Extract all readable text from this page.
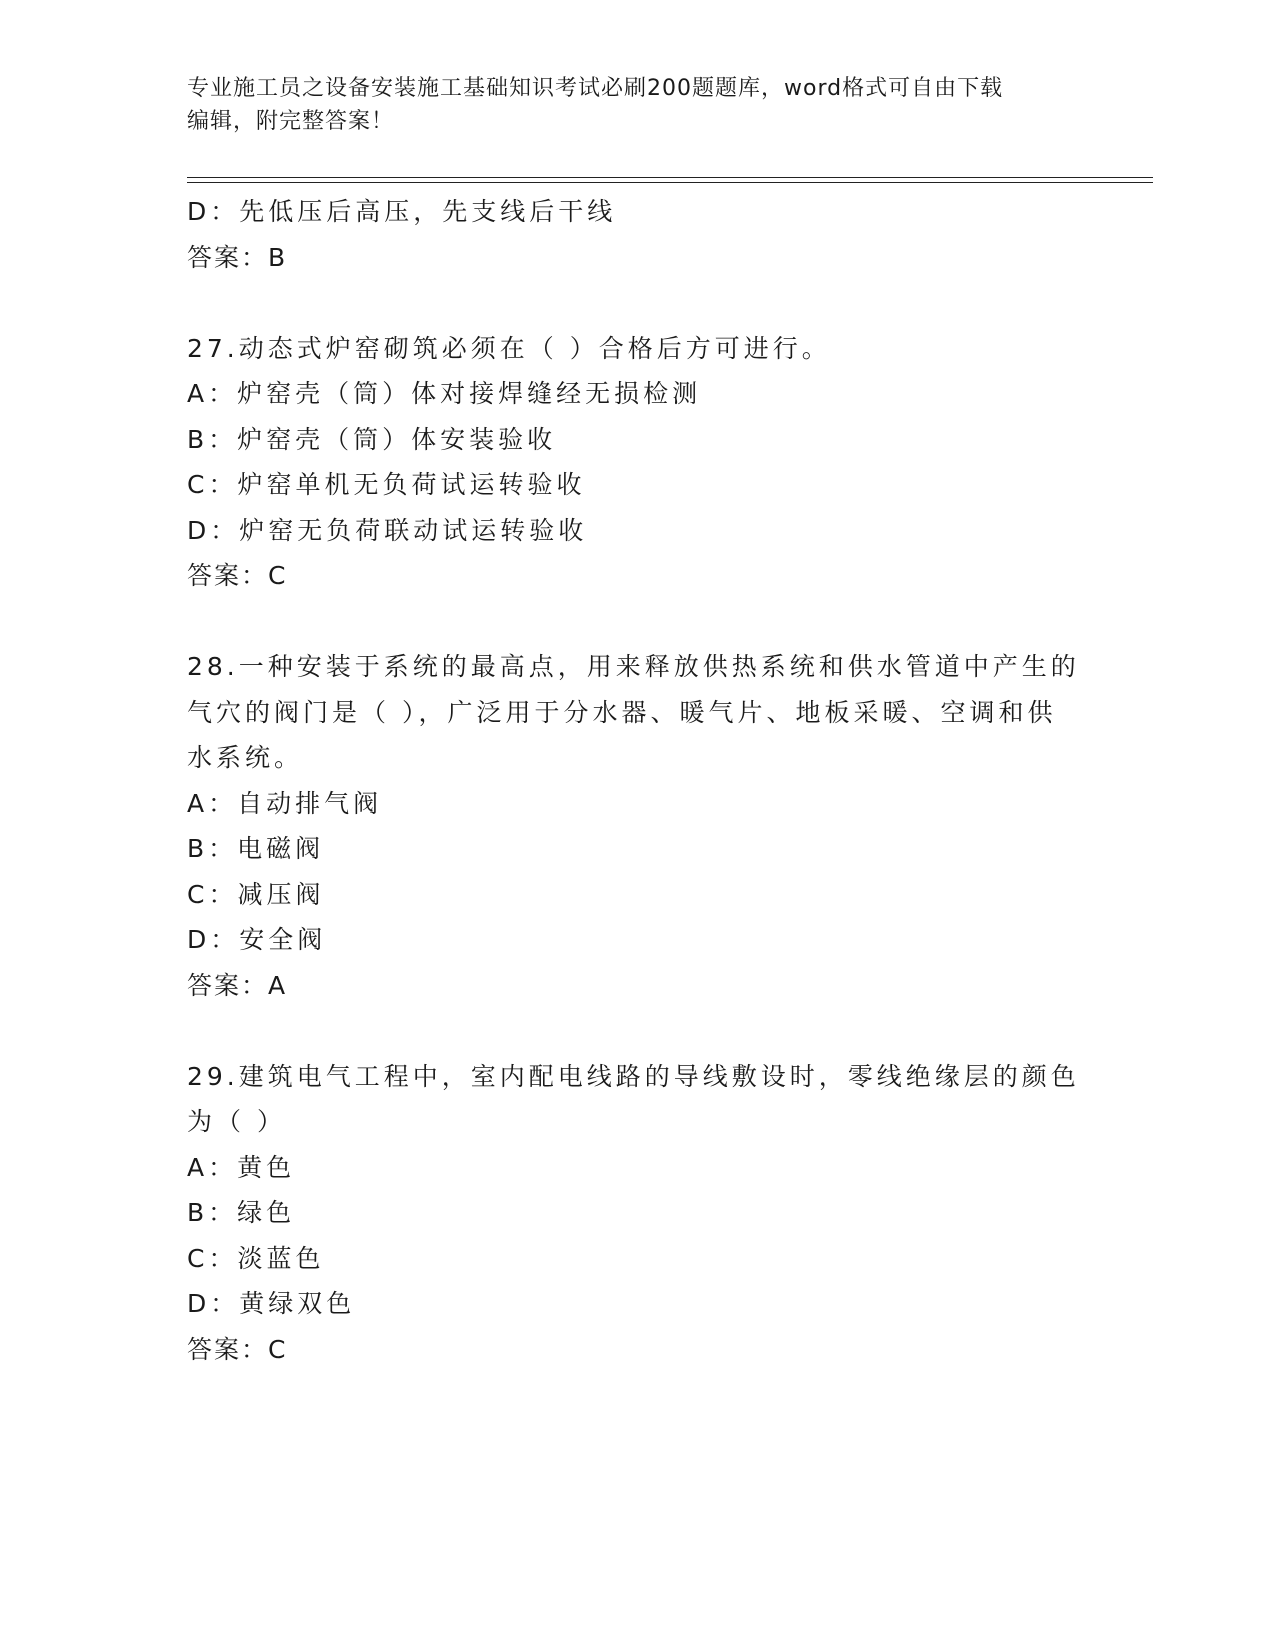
专业施工员之设备安装施工基础知识考试必刷200题题库，word格式可自由下载
编辑，附完整答案！
D：先低压后高压，先支线后干线
答案：B
27.动态式炉窑砌筑必须在（ ）合格后方可进行。
A：炉窑壳（筒）体对接焊缝经无损检测
B：炉窑壳（筒）体安装验收
C：炉窑单机无负荷试运转验收
D：炉窑无负荷联动试运转验收
答案：C
28.一种安装于系统的最高点，用来释放供热系统和供水管道中产生的
气穴的阀门是（ ），广泛用于分水器、暖气片、地板采暖、空调和供
水系统。
A：自动排气阀
B：电磁阀
C：减压阀
D：安全阀
答案：A
29.建筑电气工程中，室内配电线路的导线敷设时，零线绝缘层的颜色
为（ ）
A：黄色
B：绿色
C：淡蓝色
D：黄绿双色
答案：C
